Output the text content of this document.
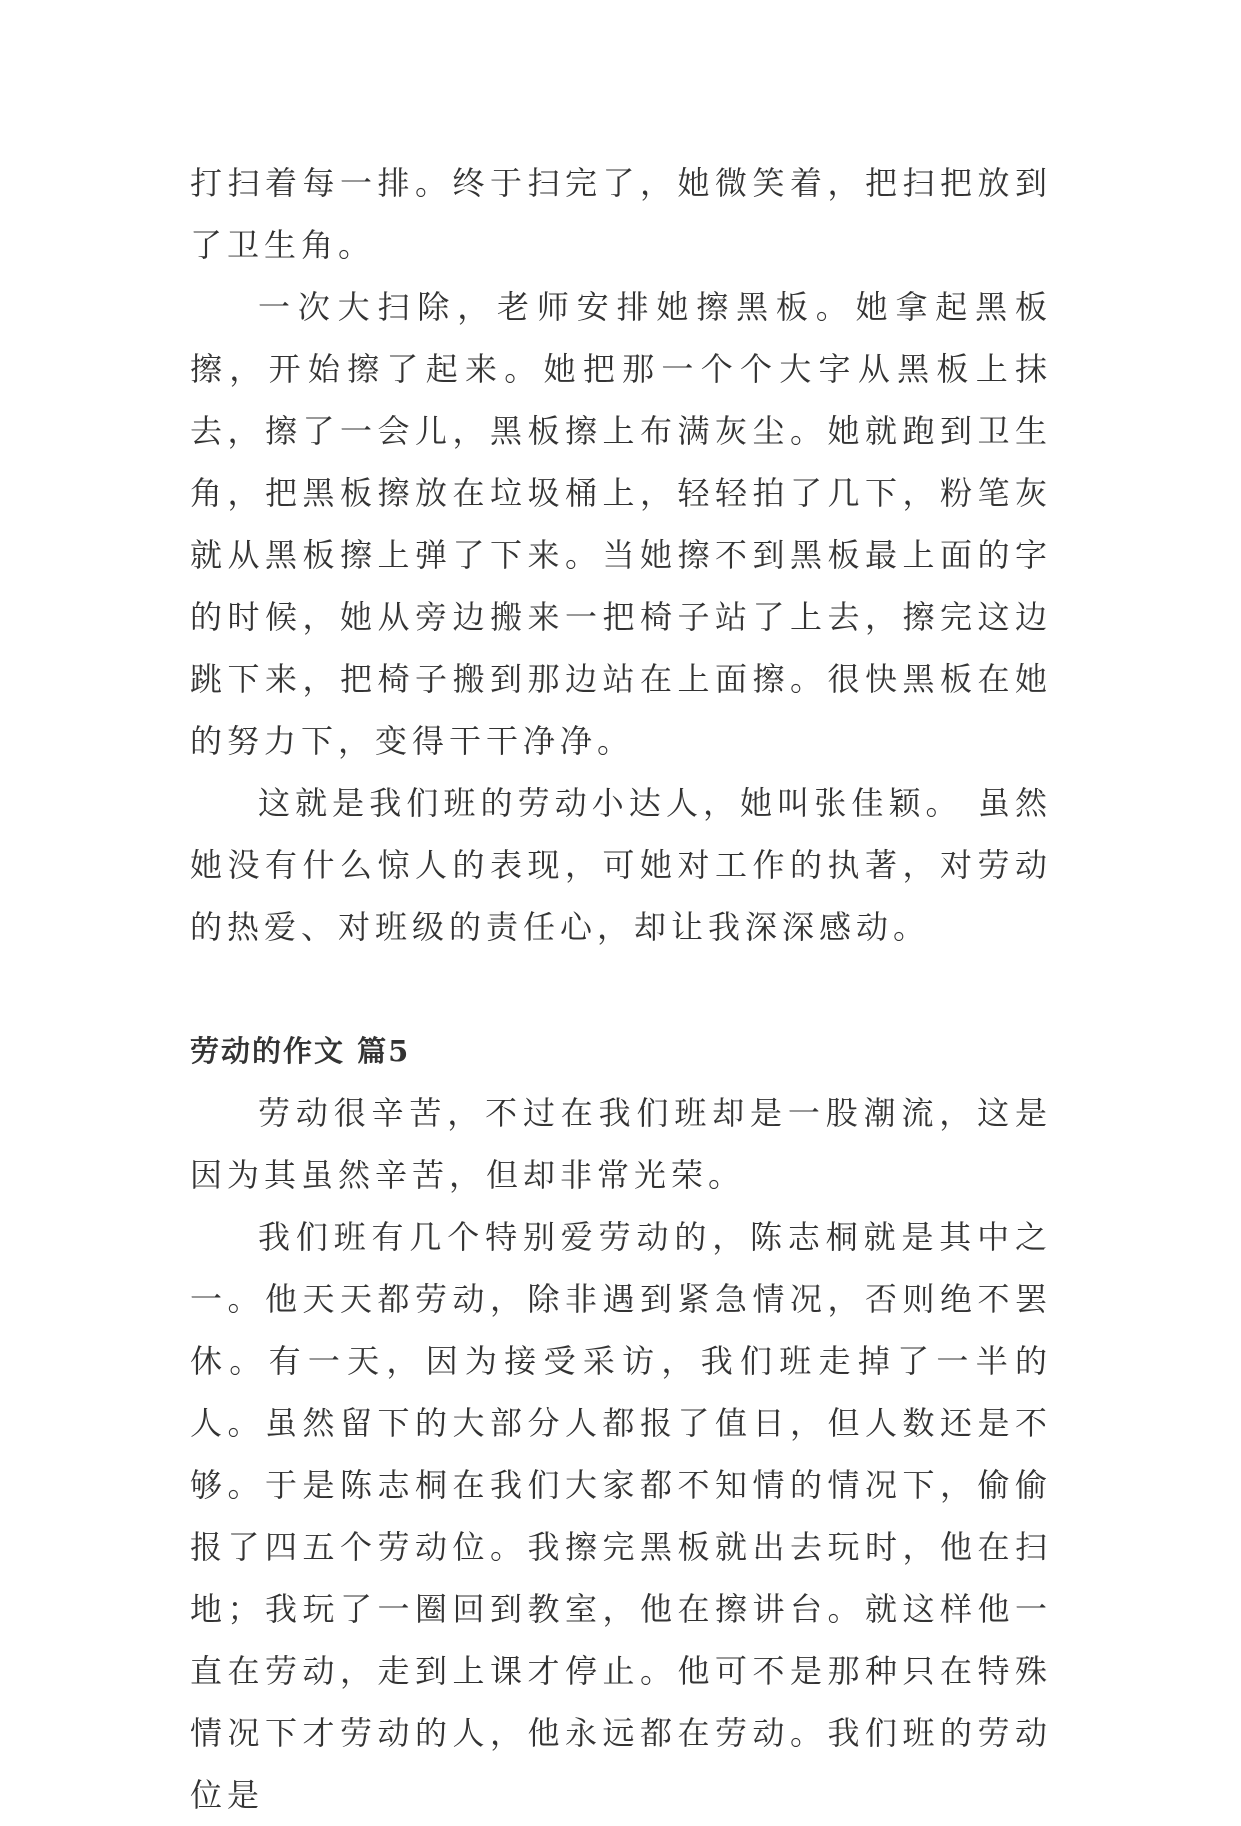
打扫着每一排。终于扫完了，她微笑着，把扫把放到了卫生角。

一次大扫除，老师安排她擦黑板。她拿起黑板擦，开始擦了起来。她把那一个个大字从黑板上抹去，擦了一会儿，黑板擦上布满灰尘。她就跑到卫生角，把黑板擦放在垃圾桶上，轻轻拍了几下，粉笔灰就从黑板擦上弹了下来。当她擦不到黑板最上面的字的时候，她从旁边搬来一把椅子站了上去，擦完这边跳下来，把椅子搬到那边站在上面擦。很快黑板在她的努力下，变得干干净净。

这就是我们班的劳动小达人，她叫张佳颖。 虽然她没有什么惊人的表现，可她对工作的执著，对劳动的热爱、对班级的责任心，却让我深深感动。

劳动的作文 篇5

劳动很辛苦，不过在我们班却是一股潮流，这是因为其虽然辛苦，但却非常光荣。

我们班有几个特别爱劳动的，陈志桐就是其中之一。他天天都劳动，除非遇到紧急情况，否则绝不罢休。有一天，因为接受采访，我们班走掉了一半的人。虽然留下的大部分人都报了值日，但人数还是不够。于是陈志桐在我们大家都不知情的情况下，偷偷报了四五个劳动位。我擦完黑板就出去玩时，他在扫地；我玩了一圈回到教室，他在擦讲台。就这样他一直在劳动，走到上课才停止。他可不是那种只在特殊情况下才劳动的人，他永远都在劳动。我们班的劳动位是
